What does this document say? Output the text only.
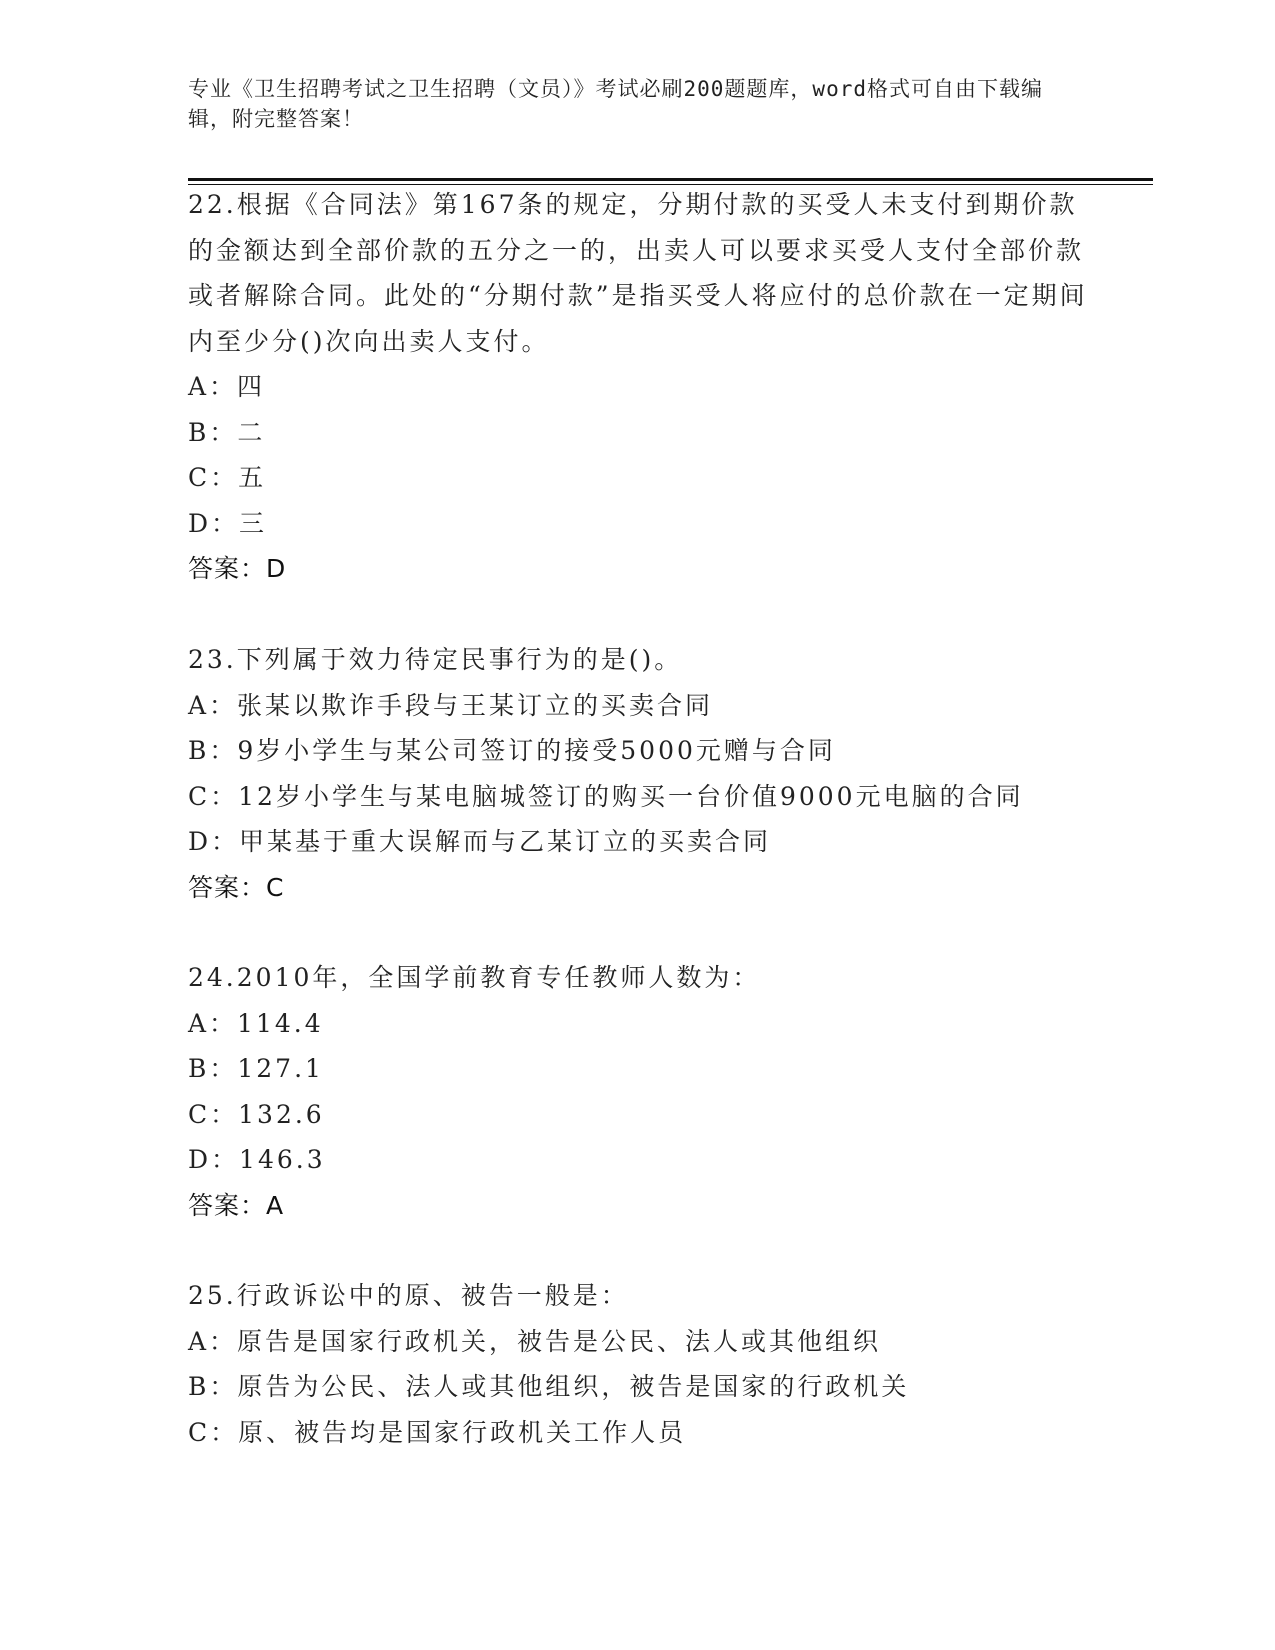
专业《卫生招聘考试之卫生招聘（文员）》考试必刷200题题库，word格式可自由下载编辑，附完整答案！
22.根据《合同法》第167条的规定，分期付款的买受人未支付到期价款的金额达到全部价款的五分之一的，出卖人可以要求买受人支付全部价款或者解除合同。此处的“分期付款”是指买受人将应付的总价款在一定期间内至少分()次向出卖人支付。
A：四
B：二
C：五
D：三
答案：D
23.下列属于效力待定民事行为的是()。
A：张某以欺诈手段与王某订立的买卖合同
B：9岁小学生与某公司签订的接受5000元赠与合同
C：12岁小学生与某电脑城签订的购买一台价值9000元电脑的合同
D：甲某基于重大误解而与乙某订立的买卖合同
答案：C
24.2010年，全国学前教育专任教师人数为：
A：114.4
B：127.1
C：132.6
D：146.3
答案：A
25.行政诉讼中的原、被告一般是：
A：原告是国家行政机关，被告是公民、法人或其他组织
B：原告为公民、法人或其他组织，被告是国家的行政机关
C：原、被告均是国家行政机关工作人员
